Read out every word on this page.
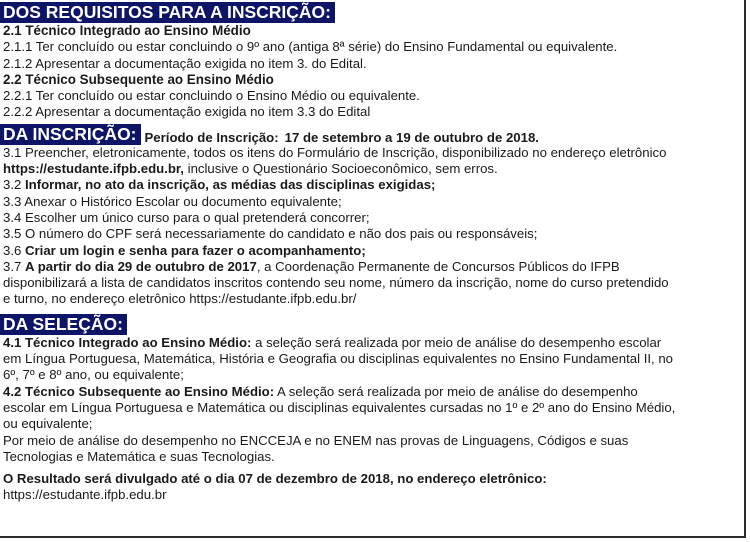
DOS REQUISITOS PARA A INSCRIÇÃO:
2.1 Técnico Integrado ao Ensino Médio
2.1.1 Ter concluído ou estar concluindo o 9º ano (antiga 8ª série) do Ensino Fundamental ou equivalente.
2.1.2 Apresentar a documentação exigida no item 3. do Edital.
2.2 Técnico Subsequente ao Ensino Médio
2.2.1 Ter concluído ou estar concluindo o Ensino Médio ou equivalente.
2.2.2 Apresentar a documentação exigida no item 3.3 do Edital
DA INSCRIÇÃO: Período de Inscrição: 17 de setembro a 19 de outubro de 2018.
3.1 Preencher, eletronicamente, todos os itens do Formulário de Inscrição, disponibilizado no endereço eletrônico
https://estudante.ifpb.edu.br, inclusive o Questionário Socioeconômico, sem erros.
3.2 Informar, no ato da inscrição, as médias das disciplinas exigidas;
3.3 Anexar o Histórico Escolar ou documento equivalente;
3.4 Escolher um único curso para o qual pretenderá concorrer;
3.5 O número do CPF será necessariamente do candidato e não dos pais ou responsáveis;
3.6 Criar um login e senha para fazer o acompanhamento;
3.7 A partir do dia 29 de outubro de 2017, a Coordenação Permanente de Concursos Públicos do IFPB
disponibilizará a lista de candidatos inscritos contendo seu nome, número da inscrição, nome do curso pretendido
e turno, no endereço eletrônico https://estudante.ifpb.edu.br/
DA SELEÇÃO:
4.1 Técnico Integrado ao Ensino Médio: a seleção será realizada por meio de análise do desempenho escolar
em Língua Portuguesa, Matemática, História e Geografia ou disciplinas equivalentes no Ensino Fundamental II, no
6º, 7º e 8º ano, ou equivalente;
4.2 Técnico Subsequente ao Ensino Médio: A seleção será realizada por meio de análise do desempenho
escolar em Língua Portuguesa e Matemática ou disciplinas equivalentes cursadas no 1º e 2º ano do Ensino Médio,
ou equivalente;
Por meio de análise do desempenho no ENCCEJA e no ENEM nas provas de Linguagens, Códigos e suas
Tecnologias e Matemática e suas Tecnologias.
O Resultado será divulgado até o dia 07 de dezembro de 2018, no endereço eletrônico:
https://estudante.ifpb.edu.br
